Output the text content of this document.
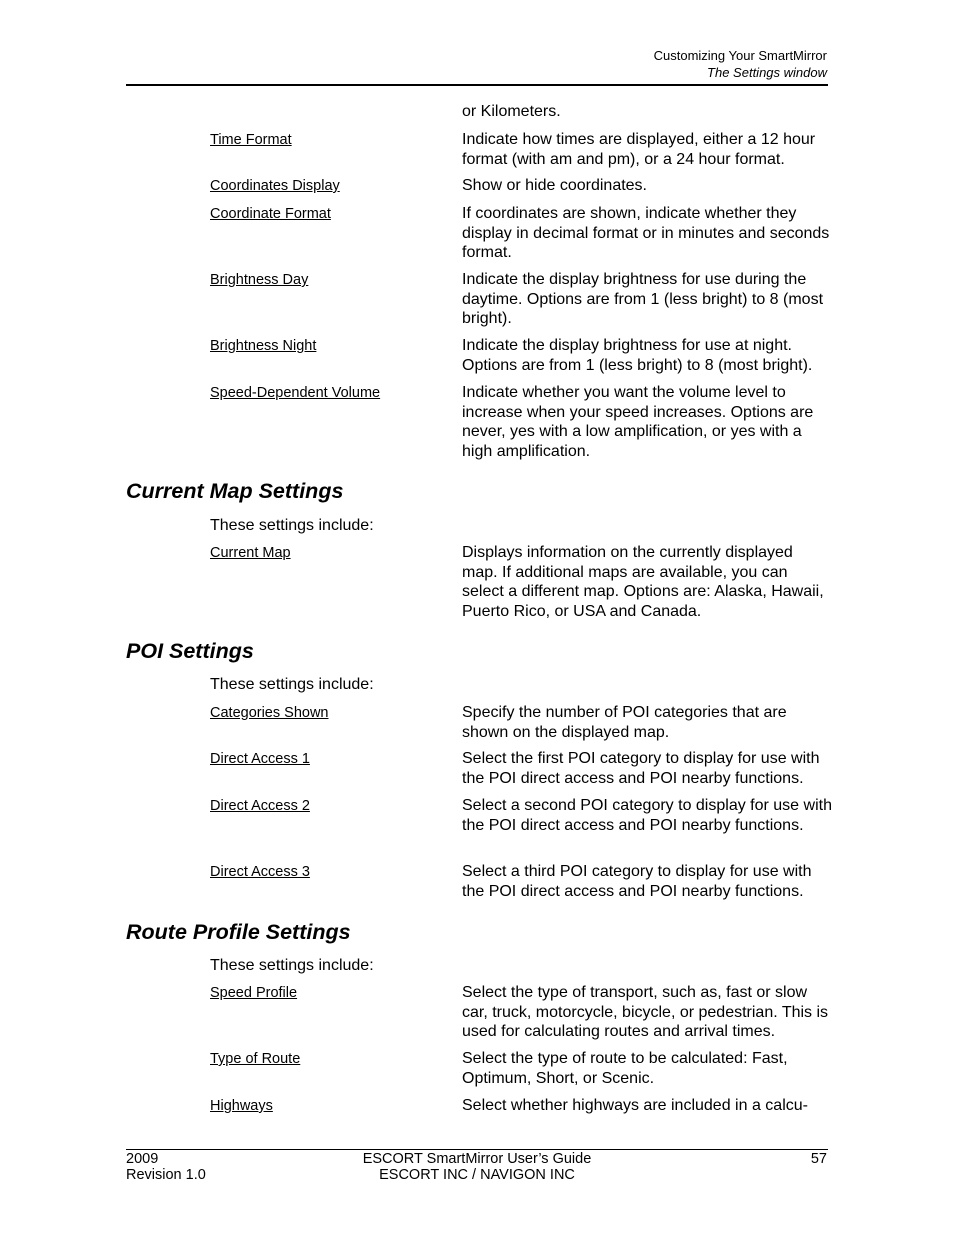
Customizing Your SmartMirror
The Settings window
or Kilometers.
Time Format	Indicate how times are displayed, either a 12 hour format (with am and pm), or a 24 hour format.
Coordinates Display	Show or hide coordinates.
Coordinate Format	If coordinates are shown, indicate whether they display in decimal format or in minutes and seconds format.
Brightness Day	Indicate the display brightness for use during the daytime. Options are from 1 (less bright) to 8 (most bright).
Brightness Night	Indicate the display brightness for use at night. Options are from 1 (less bright) to 8 (most bright).
Speed-Dependent Volume	Indicate whether you want the volume level to increase when your speed increases. Options are never, yes with a low amplification, or yes with a high amplification.
Current Map Settings
These settings include:
Current Map	Displays information on the currently displayed map. If additional maps are available, you can select a different map. Options are: Alaska, Hawaii, Puerto Rico, or USA and Canada.
POI Settings
These settings include:
Categories Shown	Specify the number of POI categories that are shown on the displayed map.
Direct Access 1	Select the first POI category to display for use with the POI direct access and POI nearby functions.
Direct Access 2	Select a second POI category to display for use with the POI direct access and POI nearby functions.
Direct Access 3	Select a third POI category to display for use with the POI direct access and POI nearby functions.
Route Profile Settings
These settings include:
Speed Profile	Select the type of transport, such as, fast or slow car, truck, motorcycle, bicycle, or pedestrian. This is used for calculating routes and arrival times.
Type of Route	Select the type of route to be calculated: Fast, Optimum, Short, or Scenic.
Highways	Select whether highways are included in a calcu-
2009
Revision 1.0
ESCORT SmartMirror User’s Guide
ESCORT INC / NAVIGON INC
57
